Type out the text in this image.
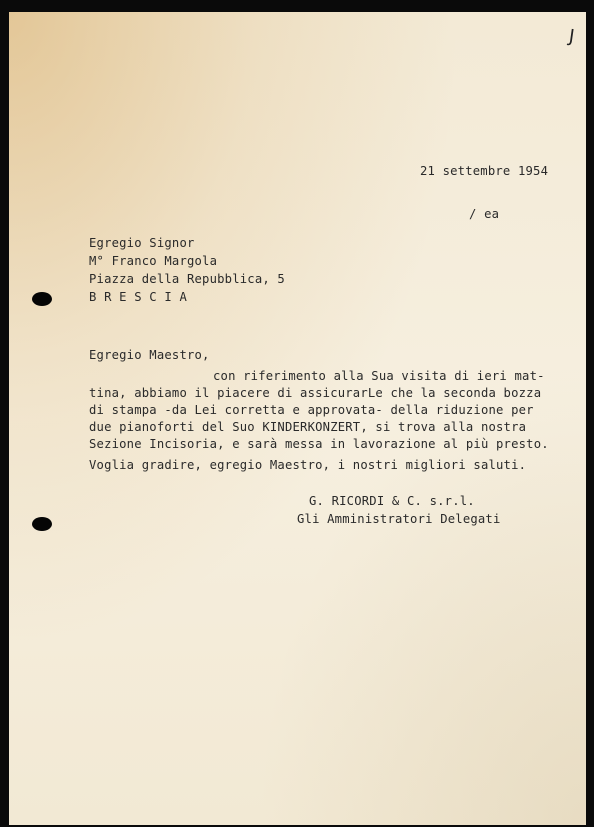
J
21 settembre 1954
/ ea
Egregio Signor
M° Franco Margola
Piazza della Repubblica, 5
B R E S C I A
Egregio Maestro,
con riferimento alla Sua visita di ieri mat-
tina, abbiamo il piacere di assicurarLe che la seconda bozza
di stampa -da Lei corretta e approvata- della riduzione per
due pianoforti del Suo KINDERKONZERT, si trova alla nostra
Sezione Incisoria, e sarà messa in lavorazione al più presto.
Voglia gradire, egregio Maestro, i nostri migliori saluti.
G. RICORDI & C. s.r.l.
Gli Amministratori Delegati
